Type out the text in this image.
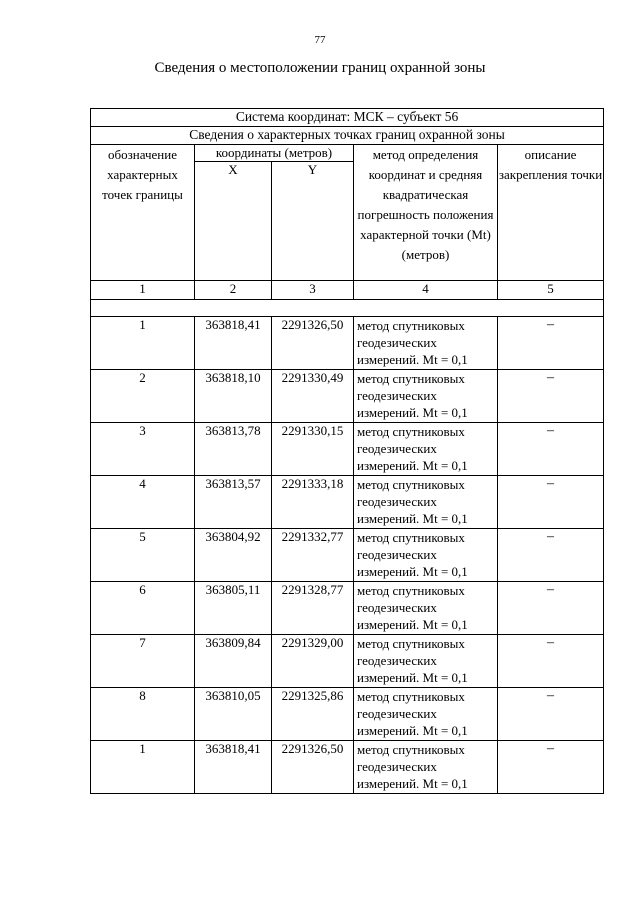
77
Сведения о местоположении границ охранной зоны
Система координат: МСК – субъект 56				
Сведения о характерных точках границ охранной зоны				
обозначение характерных точек границы	координаты (метров)		метод определения координат и средняя квадратическая погрешность положения характерной точки (Mt) (метров)	описание закрепления точки
	X	Y		
1	2	3	4	5

1	363818,41	2291326,50	метод спутниковых геодезических измерений. Mt = 0,1	–
2	363818,10	2291330,49	метод спутниковых геодезических измерений. Mt = 0,1	–
3	363813,78	2291330,15	метод спутниковых геодезических измерений. Mt = 0,1	–
4	363813,57	2291333,18	метод спутниковых геодезических измерений. Mt = 0,1	–
5	363804,92	2291332,77	метод спутниковых геодезических измерений. Mt = 0,1	–
6	363805,11	2291328,77	метод спутниковых геодезических измерений. Mt = 0,1	–
7	363809,84	2291329,00	метод спутниковых геодезических измерений. Mt = 0,1	–
8	363810,05	2291325,86	метод спутниковых геодезических измерений. Mt = 0,1	–
1	363818,41	2291326,50	метод спутниковых геодезических измерений. Mt = 0,1	–
